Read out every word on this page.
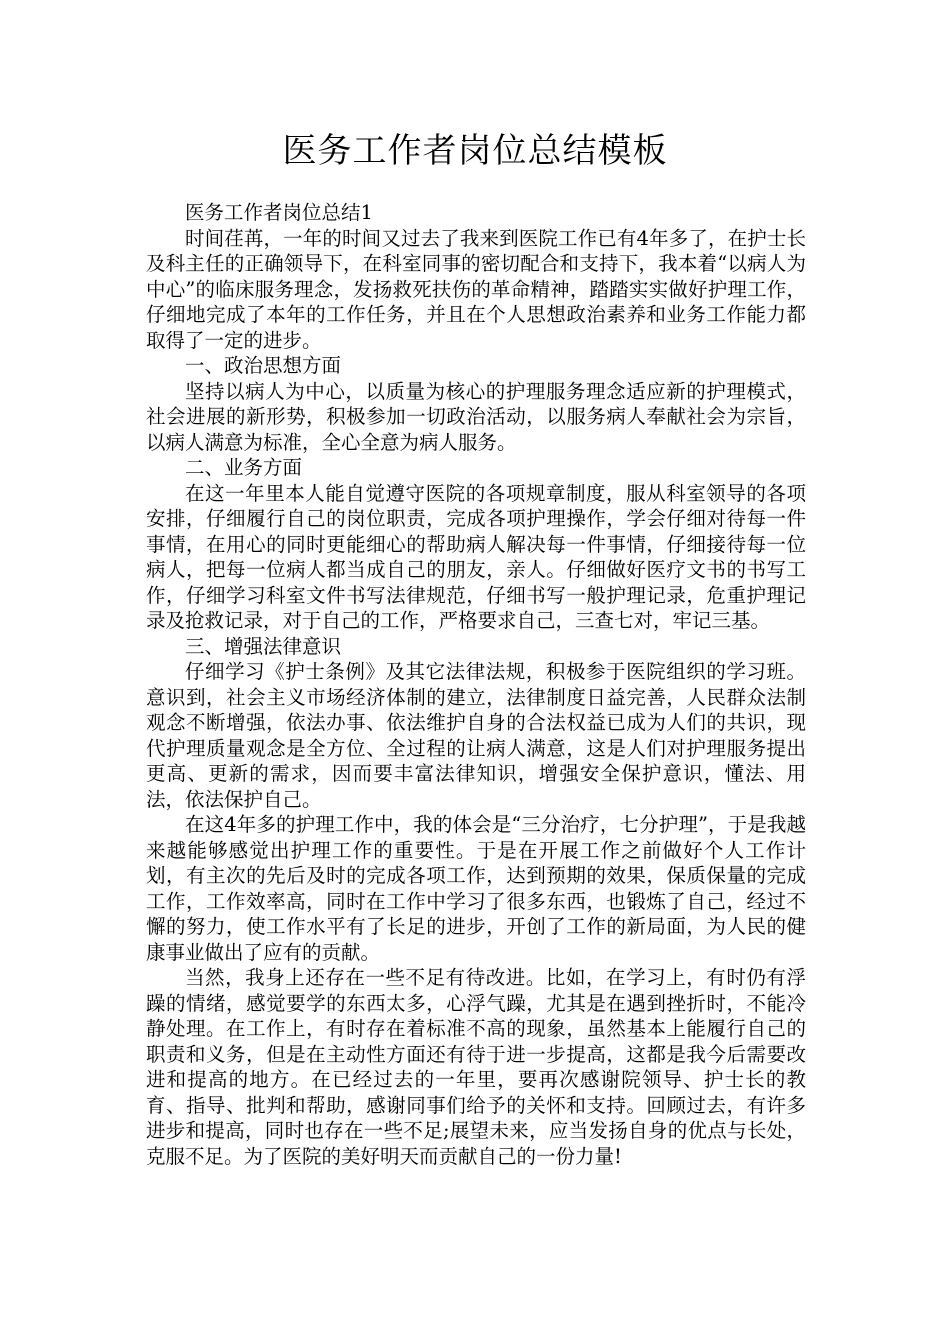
医务工作者岗位总结模板

医务工作者岗位总结1

时间荏苒，一年的时间又过去了我来到医院工作已有4年多了，在护士长及科主任的正确领导下，在科室同事的密切配合和支持下，我本着“以病人为中心”的临床服务理念，发扬救死扶伤的革命精神，踏踏实实做好护理工作，仔细地完成了本年的工作任务，并且在个人思想政治素养和业务工作能力都取得了一定的进步。

一、政治思想方面

坚持以病人为中心，以质量为核心的护理服务理念适应新的护理模式，社会进展的新形势，积极参加一切政治活动，以服务病人奉献社会为宗旨，以病人满意为标准，全心全意为病人服务。

二、业务方面

在这一年里本人能自觉遵守医院的各项规章制度，服从科室领导的各项安排，仔细履行自己的岗位职责，完成各项护理操作，学会仔细对待每一件事情，在用心的同时更能细心的帮助病人解决每一件事情，仔细接待每一位病人，把每一位病人都当成自己的朋友，亲人。仔细做好医疗文书的书写工作，仔细学习科室文件书写法律规范，仔细书写一般护理记录，危重护理记录及抢救记录，对于自己的工作，严格要求自己，三查七对，牢记三基。

三、增强法律意识

仔细学习《护士条例》及其它法律法规，积极参于医院组织的学习班。意识到，社会主义市场经济体制的建立，法律制度日益完善，人民群众法制观念不断增强，依法办事、依法维护自身的合法权益已成为人们的共识，现代护理质量观念是全方位、全过程的让病人满意，这是人们对护理服务提出更高、更新的需求，因而要丰富法律知识，增强安全保护意识，懂法、用法，依法保护自己。

在这4年多的护理工作中，我的体会是“三分治疗，七分护理”，于是我越来越能够感觉出护理工作的重要性。于是在开展工作之前做好个人工作计划，有主次的先后及时的完成各项工作，达到预期的效果，保质保量的完成工作，工作效率高，同时在工作中学习了很多东西，也锻炼了自己，经过不懈的努力，使工作水平有了长足的进步，开创了工作的新局面，为人民的健康事业做出了应有的贡献。

当然，我身上还存在一些不足有待改进。比如，在学习上，有时仍有浮躁的情绪，感觉要学的东西太多，心浮气躁，尤其是在遇到挫折时，不能冷静处理。在工作上，有时存在着标准不高的现象，虽然基本上能履行自己的职责和义务，但是在主动性方面还有待于进一步提高，这都是我今后需要改进和提高的地方。在已经过去的一年里，要再次感谢院领导、护士长的教育、指导、批判和帮助，感谢同事们给予的关怀和支持。回顾过去，有许多进步和提高，同时也存在一些不足;展望未来，应当发扬自身的优点与长处，克服不足。为了医院的美好明天而贡献自己的一份力量!
